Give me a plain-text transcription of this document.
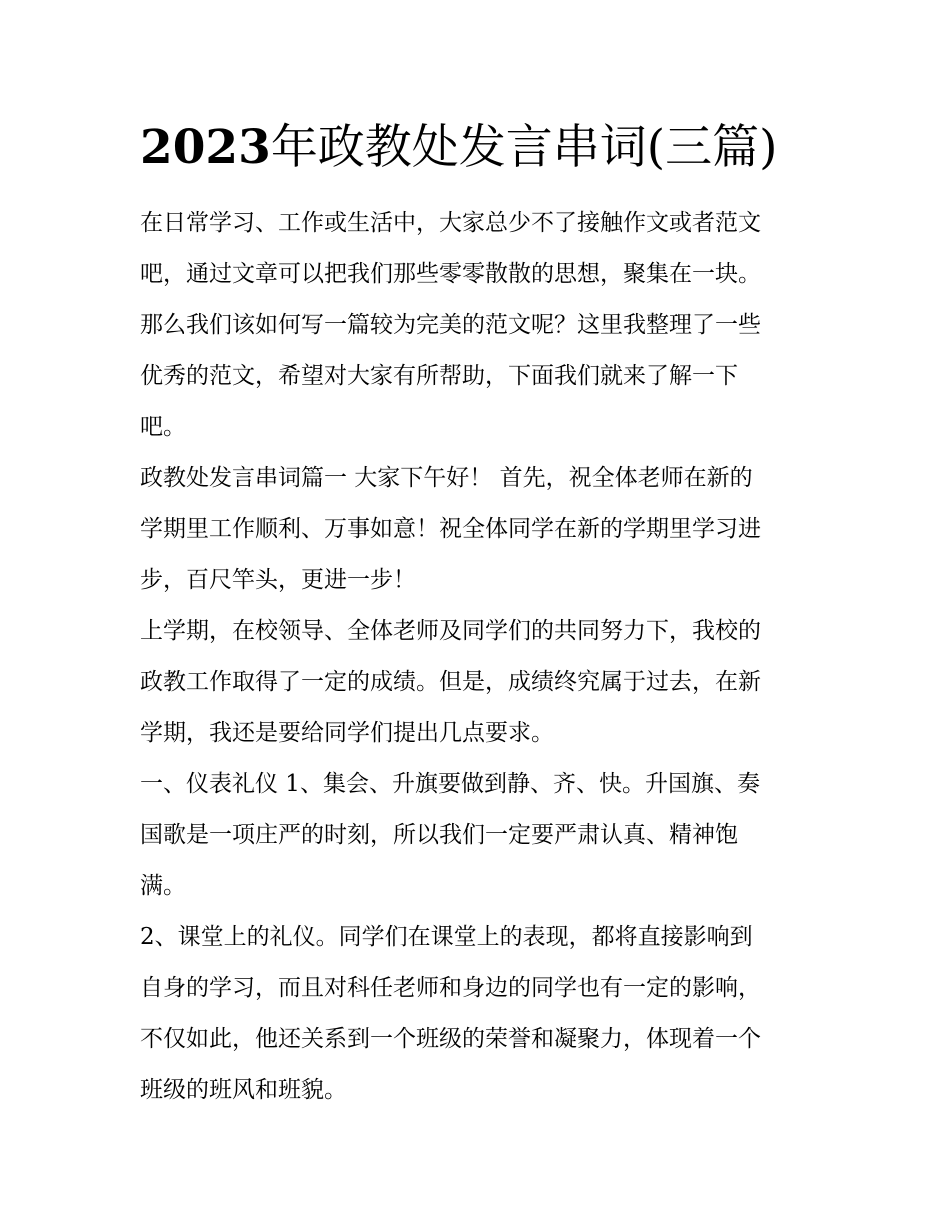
2023年政教处发言串词(三篇)
在日常学习、工作或生活中，大家总少不了接触作文或者范文
吧，通过文章可以把我们那些零零散散的思想，聚集在一块。
那么我们该如何写一篇较为完美的范文呢？这里我整理了一些
优秀的范文，希望对大家有所帮助，下面我们就来了解一下
吧。
政教处发言串词篇一 大家下午好！ 首先，祝全体老师在新的
学期里工作顺利、万事如意！祝全体同学在新的学期里学习进
步，百尺竿头，更进一步！
上学期，在校领导、全体老师及同学们的共同努力下，我校的
政教工作取得了一定的成绩。但是，成绩终究属于过去，在新
学期，我还是要给同学们提出几点要求。
一、仪表礼仪 1、集会、升旗要做到静、齐、快。升国旗、奏
国歌是一项庄严的时刻，所以我们一定要严肃认真、精神饱
满。
2、课堂上的礼仪。同学们在课堂上的表现，都将直接影响到
自身的学习，而且对科任老师和身边的同学也有一定的影响，
不仅如此，他还关系到一个班级的荣誉和凝聚力，体现着一个
班级的班风和班貌。
